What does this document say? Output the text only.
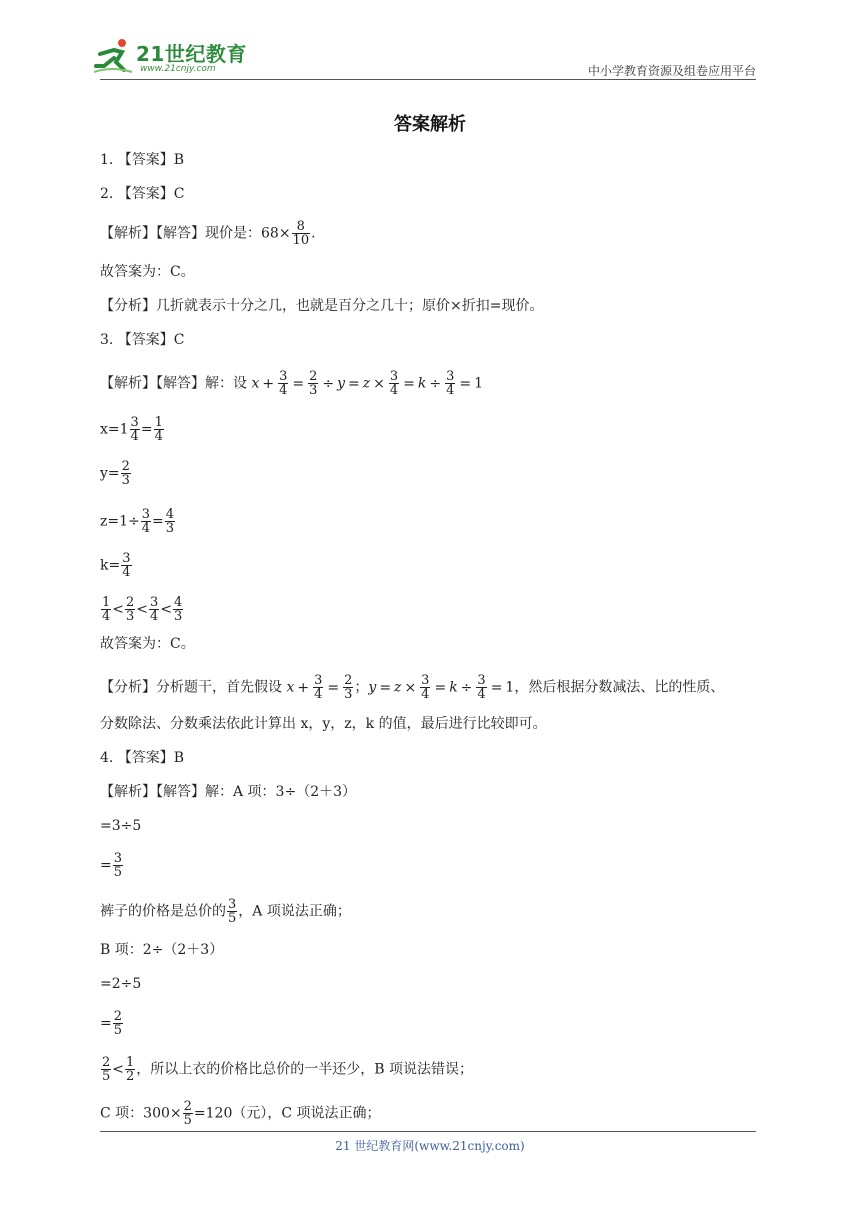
21世纪教育
www.21cnjy.com	中小学教育资源及组卷应用平台
答案解析
1. 【答案】B
2. 【答案】C
【解析】【解答】现价是：$68\times \frac{8}{10}$ .
故答案为：C。
【分析】几折就表示十分之几，也就是百分之几十；原价×折扣=现价。
3. 【答案】C
【解析】【解答】解：设 $x + \frac{3}{4} = \frac{2}{3} \div y = z \times \frac{3}{4} = k \div \frac{3}{4} = 1$
$x=1 \frac{3}{4} = \frac{1}{4}$
$y= \frac{2}{3}$
$z=1\div \frac{3}{4} = \frac{4}{3}$
$k= \frac{3}{4}$
$\frac{1}{4} < \frac{2}{3} < \frac{3}{4} < \frac{4}{3}$
故答案为：C。
【分析】分析题干，首先假设 $x + \frac{3}{4} = \frac{2}{3}$ ；$y = z \times \frac{3}{4} = k \div \frac{3}{4} = 1$，然后根据分数减法、比的性质、
分数除法、分数乘法依此计算出 x，y，z，k 的值，最后进行比较即可。
4. 【答案】B
【解析】【解答】解：A 项：3÷（2＋3）
=3÷5
= $\frac{3}{5}$
裤子的价格是总价的 $\frac{3}{5}$ ，A 项说法正确；
B 项：2÷（2＋3）
=2÷5
= $\frac{2}{5}$
$\frac{2}{5} < \frac{1}{2}$ ，所以上衣的价格比总价的一半还少，B 项说法错误；
C 项：$300\times \frac{2}{5} =120$（元），C 项说法正确；
21 世纪教育网(www.21cnjy.com)
